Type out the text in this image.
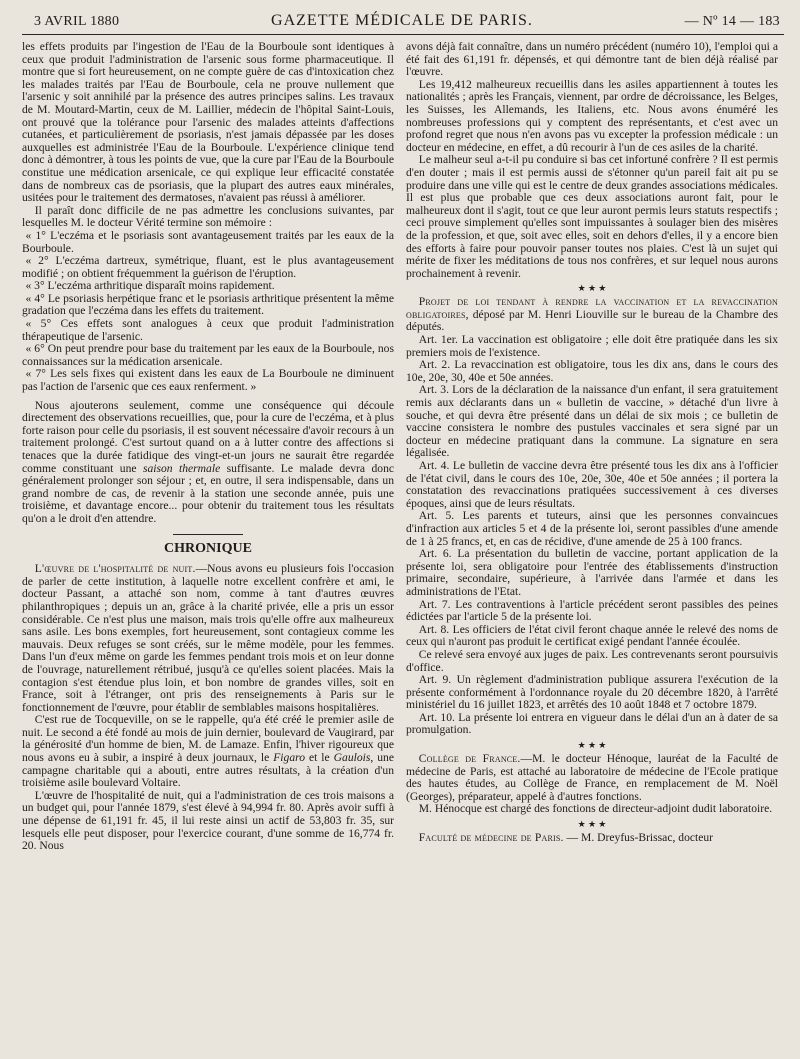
3 AVRIL 1880	GAZETTE MÉDICALE DE PARIS.	— Nº 14 — 183

les effets produits par l'ingestion de l'Eau de la Bourboule sont identiques à ceux que produit l'administration de l'arsenic sous forme pharmaceutique. Il montre que si fort heureusement, on ne compte guère de cas d'intoxication chez les malades traités par l'Eau de Bourboule, cela ne prouve nullement que l'arsenic y soit annihilé par la présence des autres principes salins. Les travaux de M. Moutard-Martin, ceux de M. Laillier, médecin de l'hôpital Saint-Louis, ont prouvé que la tolérance pour l'arsenic des malades atteints d'affections cutanées, et particulièrement de psoriasis, n'est jamais dépassée par les doses auxquelles est administrée l'Eau de la Bourboule. L'expérience clinique tend donc à démontrer, à tous les points de vue, que la cure par l'Eau de la Bourboule constitue une médication arsenicale, ce qui explique leur efficacité constatée dans de nombreux cas de psoriasis, que la plupart des autres eaux minérales, usitées pour le traitement des dermatoses, n'avaient pas réussi à améliorer.

Il paraît donc difficile de ne pas admettre les conclusions suivantes, par lesquelles M. le docteur Vérité termine son mémoire :

« 1° L'eczéma et le psoriasis sont avantageusement traités par les eaux de la Bourboule.

« 2° L'eczéma dartreux, symétrique, fluant, est le plus avantageusement modifié ; on obtient fréquemment la guérison de l'éruption.

« 3° L'eczéma arthritique disparaît moins rapidement.

« 4° Le psoriasis herpétique franc et le psoriasis arthritique présentent la même gradation que l'eczéma dans les effets du traitement.

« 5° Ces effets sont analogues à ceux que produit l'administration thérapeutique de l'arsenic.

« 6° On peut prendre pour base du traitement par les eaux de la Bourboule, nos connaissances sur la médication arsenicale.

« 7° Les sels fixes qui existent dans les eaux de La Bourboule ne diminuent pas l'action de l'arsenic que ces eaux renferment. »

Nous ajouterons seulement, comme une conséquence qui découle directement des observations recueillies, que, pour la cure de l'eczéma, et à plus forte raison pour celle du psoriasis, il est souvent nécessaire d'avoir recours à un traitement prolongé. C'est surtout quand on a à lutter contre des affections si tenaces que la durée fatidique des vingt-et-un jours ne saurait être regardée comme constituant une saison thermale suffisante. Le malade devra donc généralement prolonger son séjour ; et, en outre, il sera indispensable, dans un grand nombre de cas, de revenir à la station une seconde année, puis une troisième, et davantage encore... pour obtenir du traitement tous les résultats qu'on a le droit d'en attendre.

CHRONIQUE

L'œuvre de l'hospitalité de nuit.—Nous avons eu plusieurs fois l'occasion de parler de cette institution, à laquelle notre excellent confrère et ami, le docteur Passant, a attaché son nom, comme à tant d'autres œuvres philanthropiques ; depuis un an, grâce à la charité privée, elle a pris un essor considérable. Ce n'est plus une maison, mais trois qu'elle offre aux malheureux sans asile. Les bons exemples, fort heureusement, sont contagieux comme les mauvais. Deux refuges se sont créés, sur le même modèle, pour les femmes. Dans l'un d'eux même on garde les femmes pendant trois mois et on leur donne de l'ouvrage, naturellement rétribué, jusqu'à ce qu'elles soient placées. Mais la contagion s'est étendue plus loin, et bon nombre de grandes villes, soit en France, soit à l'étranger, ont pris des renseignements à Paris sur le fonctionnement de l'œuvre, pour établir de semblables maisons hospitalières.

C'est rue de Tocqueville, on se le rappelle, qu'a été créé le premier asile de nuit. Le second a été fondé au mois de juin dernier, boulevard de Vaugirard, par la générosité d'un homme de bien, M. de Lamaze. Enfin, l'hiver rigoureux que nous avons eu à subir, a inspiré à deux journaux, le Figaro et le Gaulois, une campagne charitable qui a abouti, entre autres résultats, à la création d'un troisième asile boulevard Voltaire.

L'œuvre de l'hospitalité de nuit, qui a l'administration de ces trois maisons a un budget qui, pour l'année 1879, s'est élevé à 94,994 fr. 80. Après avoir suffi à une dépense de 61,191 fr. 45, il lui reste ainsi un actif de 53,803 fr. 35, sur lesquels elle peut disposer, pour l'exercice courant, d'une somme de 16,774 fr. 20. Nous

avons déjà fait connaître, dans un numéro précédent (numéro 10), l'emploi qui a été fait des 61,191 fr. dépensés, et qui démontre tant de bien déjà réalisé par l'œuvre.

Les 19,412 malheureux recueillis dans les asiles appartiennent à toutes les nationalités ; après les Français, viennent, par ordre de décroissance, les Belges, les Suisses, les Allemands, les Italiens, etc. Nous avons énuméré les nombreuses professions qui y comptent des représentants, et c'est avec un profond regret que nous n'en avons pas vu excepter la profession médicale : un docteur en médecine, en effet, a dû recourir à l'un de ces asiles de la charité.

Le malheur seul a-t-il pu conduire si bas cet infortuné confrère ? Il est permis d'en douter ; mais il est permis aussi de s'étonner qu'un pareil fait ait pu se produire dans une ville qui est le centre de deux grandes associations médicales. Il est plus que probable que ces deux associations auront fait, pour le malheureux dont il s'agit, tout ce que leur auront permis leurs statuts respectifs ; ceci prouve simplement qu'elles sont impuissantes à soulager bien des misères de la profession, et que, soit avec elles, soit en dehors d'elles, il y a encore bien des efforts à faire pour pouvoir panser toutes nos plaies. C'est là un sujet qui mérite de fixer les méditations de tous nos confrères, et sur lequel nous aurons prochainement à revenir.

★ ★ ★

Projet de loi tendant à rendre la vaccination et la revaccination obligatoires, déposé par M. Henri Liouville sur le bureau de la Chambre des députés.

Art. 1er. La vaccination est obligatoire ; elle doit être pratiquée dans les six premiers mois de l'existence.

Art. 2. La revaccination est obligatoire, tous les dix ans, dans le cours des 10e, 20e, 30, 40e et 50e années.

Art. 3. Lors de la déclaration de la naissance d'un enfant, il sera gratuitement remis aux déclarants dans un « bulletin de vaccine, » détaché d'un livre à souche, et qui devra être présenté dans un délai de six mois ; ce bulletin de vaccine consistera le nombre des pustules vaccinales et sera signé par un docteur en médecine pratiquant dans la commune. La signature en sera légalisée.

Art. 4. Le bulletin de vaccine devra être présenté tous les dix ans à l'officier de l'état civil, dans le cours des 10e, 20e, 30e, 40e et 50e années ; il portera la constatation des revaccinations pratiquées successivement à ces diverses époques, ainsi que de leurs résultats.

Art. 5. Les parents et tuteurs, ainsi que les personnes convaincues d'infraction aux articles 5 et 4 de la présente loi, seront passibles d'une amende de 1 à 25 francs, et, en cas de récidive, d'une amende de 25 à 100 francs.

Art. 6. La présentation du bulletin de vaccine, portant application de la présente loi, sera obligatoire pour l'entrée des établissements d'instruction primaire, secondaire, supérieure, à l'arrivée dans l'armée et dans les administrations de l'Etat.

Art. 7. Les contraventions à l'article précédent seront passibles des peines édictées par l'article 5 de la présente loi.

Art. 8. Les officiers de l'état civil feront chaque année le relevé des noms de ceux qui n'auront pas produit le certificat exigé pendant l'année écoulée.

Ce relevé sera envoyé aux juges de paix. Les contrevenants seront poursuivis d'office.

Art. 9. Un règlement d'administration publique assurera l'exécution de la présente conformément à l'ordonnance royale du 20 décembre 1820, à l'arrêté ministériel du 16 juillet 1823, et arrêtés des 10 août 1848 et 7 octobre 1879.

Art. 10. La présente loi entrera en vigueur dans le délai d'un an à dater de sa promulgation.

★ ★ ★

Collège de France.—M. le docteur Hénoque, lauréat de la Faculté de médecine de Paris, est attaché au laboratoire de médecine de l'Ecole pratique des hautes études, au Collège de France, en remplacement de M. Noël (Georges), préparateur, appelé à d'autres fonctions.

M. Hénocque est chargé des fonctions de directeur-adjoint dudit laboratoire.

★ ★ ★

Faculté de médecine de Paris. — M. Dreyfus-Brissac, docteur
